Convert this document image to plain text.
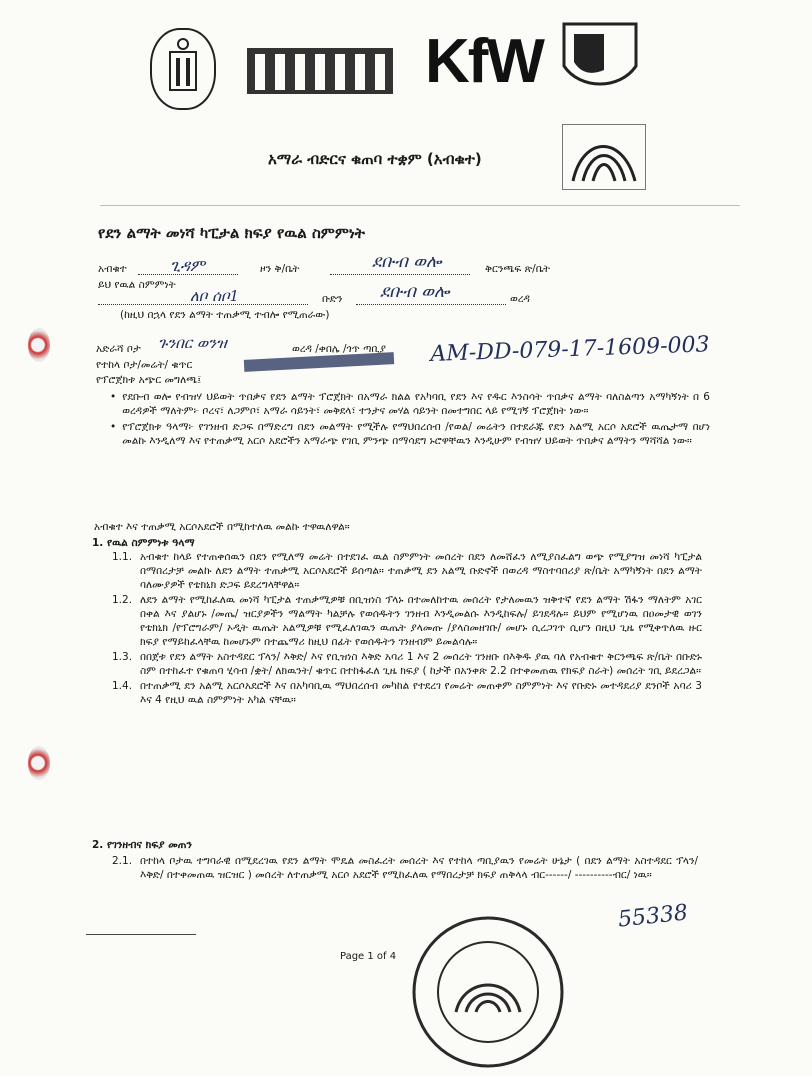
KfW
አማራ ብድርና ቁጠባ ተቋም (አብቁተ)
የደን ልማት መነሻ ካፒታል ክፍያ የዉል ስምምነት
አብቁተ	ጊዳም	ዞን ቅ/ቤት	ደቡብ ወሎ	ቅርንጫፍ ጽ/ቤት
ይህ የዉል ስምምነት
ለቦ ሰቦ1	ቡድን ደቡብ ወሎ	ወረዳ
(ከዚህ በኋላ የደን ልማት ተጠቃሚ ተብሎ የሚጠራው)
አድራሻ ቦታ ጉንበር ወንዝ	ወረዳ /ቀበሌ /ጎጥ ጣቢያ
የተከላ ቦታ/መሬት/ ቁጥር	AM-DD-079-17-1609-003
የፕሮጀክቱ አጭር መግለጫ፤
• የደቡብ ወሎ የብዝሃ ህይወት ጥበቃና የደን ልማት ፕሮጀክት በአማራ ክልል የአካባቢ የደን እና የዱር እንስሳት ጥበቃና ልማት ባለስልጣን አማካኝነት በ 6 ወረዳዎች ማለትም፦ ቦረና፣ ለጋምቦ፣ አማራ ሳይንት፣ መቅደላ፣ ተንታና መሃል ሳይንት በመተግበር ላይ የሚገኝ ፕሮጀክት ነው።
• የፕሮጀክቱ ዓላማ፦ የገንዘብ ድጋፍ በማድረግ በደን መልማት የሚችሉ የማህበረሰብ /የወል/ መሬትን በተደራጁ የደን አልሚ አርሶ አደሮች ዉጤታማ በሆነ መልኩ እንዲለማ እና የተጠቃሚ አርሶ አደሮችን አማራጭ የገቢ ምንጭ በማሳደግ ኑሮዋቸዉን እንዲሁም የብዝሃ ህይወት ጥበቃና ልማትን ማሻሻል ነው።
አብቁተ እና ተጠቃሚ አርሶአደሮች በሚከተለዉ መልኩ ተዋዉለዋል።
1. የዉል ስምምነቱ ዓላማ
1.1. አብቁተ ከላይ የተጠቀሰዉን በደን የሚለማ መሬት በተደገፈ ዉል ስምምነት መሰረት በደን ለመሸፈን ለሚያስፈልግ ወጭ የሚያግዝ መነሻ ካፒታል በማበረታቻ መልኩ ለደን ልማት ተጠቃሚ አርሶአደሮች ይሰጣል። ተጠቃሚ ደን አልሚ ቡድኖች በወረዳ ማስተባበሪያ ጽ/ቤት አማካኝነት በደን ልማት ባለሙያዎች የቴክኒክ ድጋፍ ይደረግላቸዋል።
1.2. ለደን ልማት የሚከፈለዉ መነሻ ካፒታል ተጠቃሚዎቹ በቢዝነስ ፕላኑ በተመለከተዉ መሰረት የታለመዉን ዝቅተኛ የደን ልማት ሽፋን ማለትም አገር በቀል እና ያልሆኑ /መጤ/ ዝርያዎችን ማልማት ካልቻሉ የወሰዱትን ገንዘብ እንዲመልሱ እንዲከፍሉ/ ይገደዳሉ። ይህም የሚሆነዉ በዐመታዊ ወገን የቴክኒክ /የፕሮግራም/ ኦዲት ዉጤት አልሚዎቹ የሚፈለገዉን ዉጤት ያላመጡ /ያላስመዘገቡ/ መሆኑ ሲረጋገጥ ሲሆን በዚህ ጊዜ የሚቀጥለዉ ዙር ክፍያ የማይከፈላቸዉ ከመሆኑም በተጨማሪ ከዚህ በፊት የወሰዱትን ገንዘብም ይመልሳሉ።
1.3. በበጀቱ የደን ልማት አስተዳደር ፕላን/ እቅድ/ እና የቢዝነስ እቅድ አባሪ 1 እና 2 መሰረት ገንዘቡ በእቅዱ ያዉ ባለ የአብቁተ ቅርንጫፍ ጽ/ቤት በቡድኑ ስም በተከፈተ የቁጠባ ሂሳብ /ቋት/ ለክዉንት/ ቁጥር በተከፋፈለ ጊዜ ክፍያ ( ከታች በአንቀጽ 2.2 በተቀመጠዉ የክፍያ ስራት) መሰረት ገቢ ይደረጋል።
1.4. በተጠቃሚ ደን አልሚ አርሶአደሮች እና በአካባቢዉ ማህበረሰብ መካከል የተደረገ የመሬት መጠቀም ስምምነት እና የቡድኑ መተዳደሪያ ደንቦች አባሪ 3 እና 4 የዚህ ዉል ስምምነት አካል ናቸዉ።
2. የገንዘብና ክፍያ መጠን
2.1. በተከላ ቦታዉ ተግባራዊ በሚደረገዉ የደን ልማት ሞዴል መስፈረት መሰረት እና የተከላ ጣቢያዉን የመሬት ሁኔታ ( በደን ልማት አስተዳደር ፕላን/እቅድ/ በተቀመጠዉ ዝርዝር ) መሰረት ለተጠቃሚ አርሶ አደሮች የሚከፈለዉ የማበረታቻ ክፍያ ጠቅላላ ብር------/ ----------ብር/ ነዉ።
55338
Page 1 of 4
